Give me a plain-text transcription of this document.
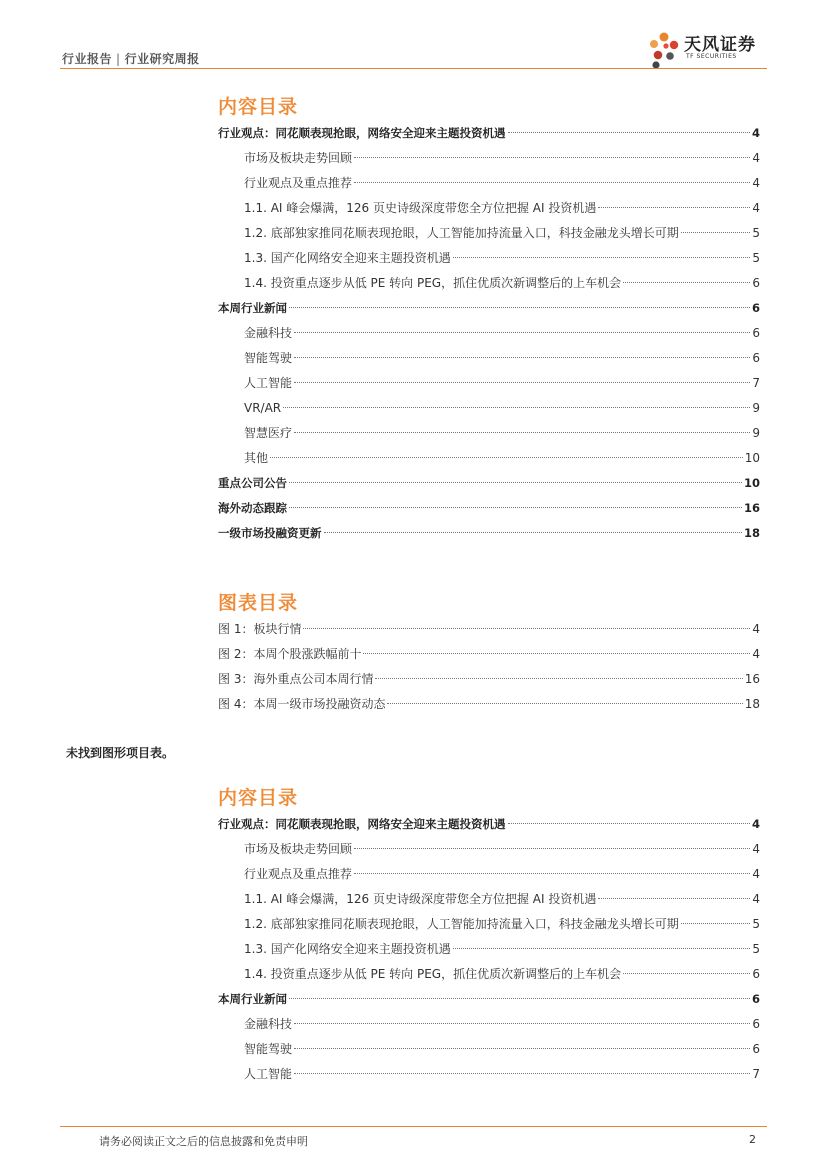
行业报告 | 行业研究周报
天风证券
TF SECURITIES
内容目录
行业观点：同花顺表现抢眼，网络安全迎来主题投资机遇	4
市场及板块走势回顾	4
行业观点及重点推荐	4
1.1. AI 峰会爆满，126 页史诗级深度带您全方位把握 AI 投资机遇	4
1.2. 底部独家推同花顺表现抢眼，人工智能加持流量入口，科技金融龙头增长可期	5
1.3. 国产化网络安全迎来主题投资机遇	5
1.4. 投资重点逐步从低 PE 转向 PEG，抓住优质次新调整后的上车机会	6
本周行业新闻	6
金融科技	6
智能驾驶	6
人工智能	7
VR/AR	9
智慧医疗	9
其他	10
重点公司公告	10
海外动态跟踪	16
一级市场投融资更新	18
图表目录
图 1：板块行情	4
图 2：本周个股涨跌幅前十	4
图 3：海外重点公司本周行情	16
图 4：本周一级市场投融资动态	18
未找到图形项目表。
内容目录
行业观点：同花顺表现抢眼，网络安全迎来主题投资机遇	4
市场及板块走势回顾	4
行业观点及重点推荐	4
1.1. AI 峰会爆满，126 页史诗级深度带您全方位把握 AI 投资机遇	4
1.2. 底部独家推同花顺表现抢眼，人工智能加持流量入口，科技金融龙头增长可期	5
1.3. 国产化网络安全迎来主题投资机遇	5
1.4. 投资重点逐步从低 PE 转向 PEG，抓住优质次新调整后的上车机会	6
本周行业新闻	6
金融科技	6
智能驾驶	6
人工智能	7
请务必阅读正文之后的信息披露和免责申明	2
